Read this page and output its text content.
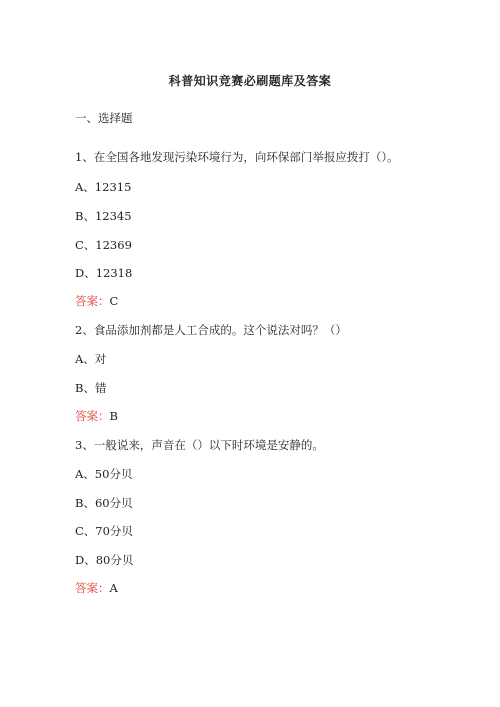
科普知识竞赛必刷题库及答案
一、选择题
1、在全国各地发现污染环境行为，向环保部门举报应拨打（）。
A、12315
B、12345
C、12369
D、12318
答案：C
2、食品添加剂都是人工合成的。这个说法对吗？（）
A、对
B、错
答案：B
3、一般说来，声音在（）以下时环境是安静的。
A、50分贝
B、60分贝
C、70分贝
D、80分贝
答案：A
